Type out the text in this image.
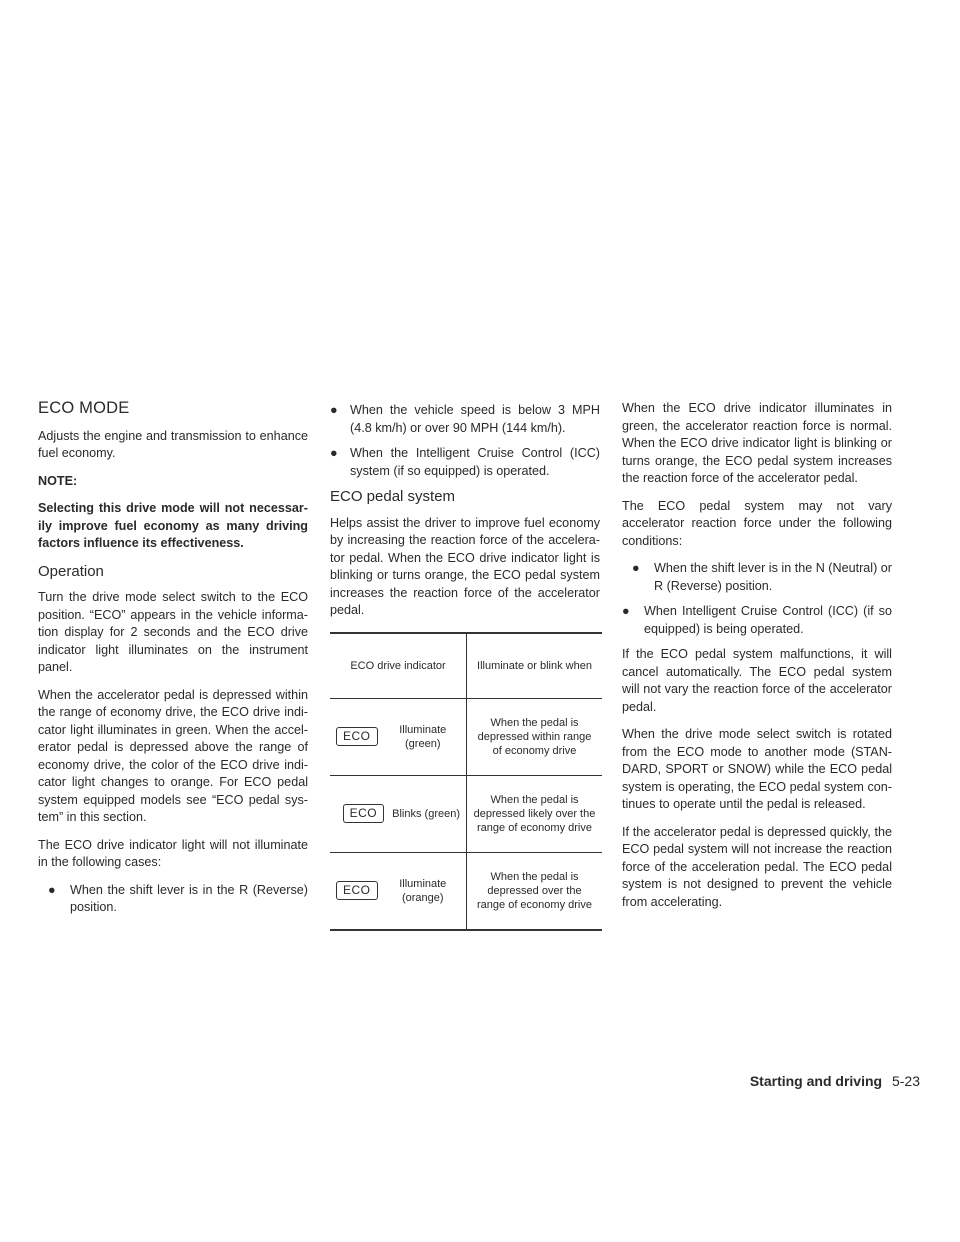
ECO MODE

Adjusts the engine and transmission to enhance fuel economy.

NOTE:
Selecting this drive mode will not necessar- ily improve fuel economy as many driving factors influence its effectiveness.
Operation

Turn the drive mode select switch to the ECO position. “ECO” appears in the vehicle informa- tion display for 2 seconds and the ECO drive indicator light illuminates on the instrument panel.

When the accelerator pedal is depressed within the range of economy drive, the ECO drive indi- cator light illuminates in green. When the accel- erator pedal is depressed above the range of economy drive, the color of the ECO drive indi- cator light changes to orange. For ECO pedal system equipped models see “ECO pedal sys- tem” in this section.

The ECO drive indicator light will not illuminate in the following cases:

● When the shift lever is in the R (Reverse) position.
● When the vehicle speed is below 3 MPH (4.8 km/h) or over 90 MPH (144 km/h).
● When the Intelligent Cruise Control (ICC) system (if so equipped) is operated.
ECO pedal system

Helps assist the driver to improve fuel economy by increasing the reaction force of the accelera- tor pedal. When the ECO drive indicator light is blinking or turns orange, the ECO pedal system increases the reaction force of the accelerator pedal.

ECO drive indicator	Illuminate or blink when

ECO Illuminate (green)	When the pedal is depressed within range of economy drive

ECO Blinks (green)	When the pedal is depressed likely over the range of economy drive

ECO Illuminate (orange)	When the pedal is depressed over the range of economy drive

When the ECO drive indicator illuminates in green, the accelerator reaction force is normal. When the ECO drive indicator light is blinking or turns orange, the ECO pedal system increases the reaction force of the accelerator pedal.

The ECO pedal system may not vary accelerator reaction force under the following conditions:

● When the shift lever is in the N (Neutral) or R (Reverse) position.
● When Intelligent Cruise Control (ICC) (if so equipped) is being operated.

If the ECO pedal system malfunctions, it will cancel automatically. The ECO pedal system will not vary the reaction force of the accelerator pedal.

When the drive mode select switch is rotated from the ECO mode to another mode (STAN- DARD, SPORT or SNOW) while the ECO pedal system is operating, the ECO pedal system con- tinues to operate until the pedal is released.

If the accelerator pedal is depressed quickly, the ECO pedal system will not increase the reaction force of the acceleration pedal. The ECO pedal system is not designed to prevent the vehicle from accelerating.

Starting and driving 5-23
